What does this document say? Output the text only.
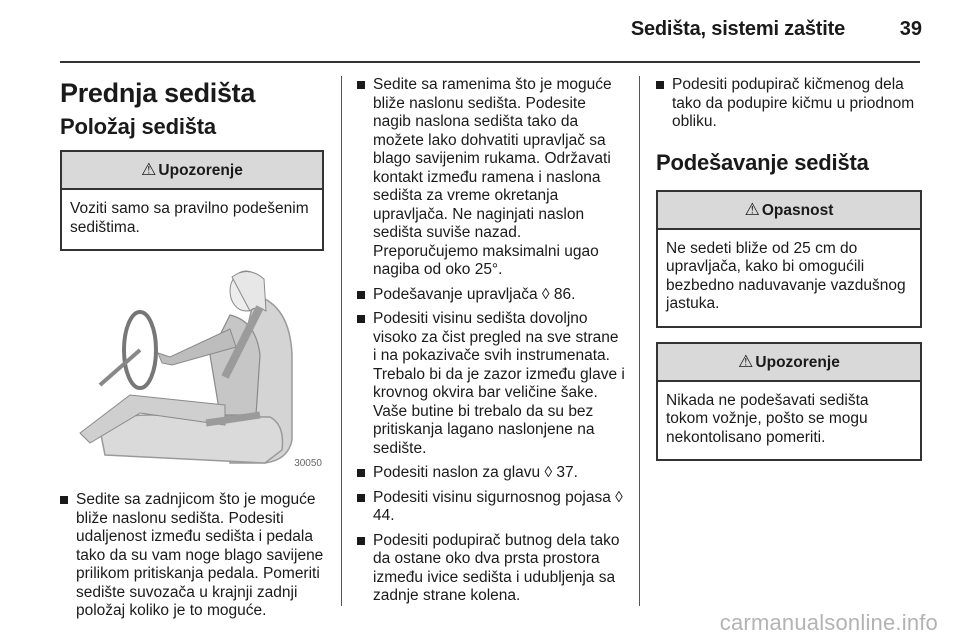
Sedišta, sistemi zaštite	39
Prednja sedišta
Položaj sedišta
⚠ Upozorenje
Voziti samo sa pravilno podešenim sedištima.
30050
Sedite sa zadnjicom što je moguće bliže naslonu sedišta. Podesiti udaljenost između sedišta i pedala tako da su vam noge blago savijene prilikom pritiskanja pedala. Pomeriti sedište suvozača u krajnji zadnji položaj koliko je to moguće.
Sedite sa ramenima što je moguće bliže naslonu sedišta. Podesite nagib naslona sedišta tako da možete lako dohvatiti upravljač sa blago savijenim rukama. Održavati kontakt između ramena i naslona sedišta za vreme okretanja upravljača. Ne naginjati naslon sedišta suviše nazad. Preporučujemo maksimalni ugao nagiba od oko 25°.
Podešavanje upravljača ◊ 86.
Podesiti visinu sedišta dovoljno visoko za čist pregled na sve strane i na pokazivače svih instrumenata. Trebalo bi da je zazor između glave i krovnog okvira bar veličine šake. Vaše butine bi trebalo da su bez pritiskanja lagano naslonjene na sedište.
Podesiti naslon za glavu ◊ 37.
Podesiti visinu sigurnosnog pojasa ◊ 44.
Podesiti podupirač butnog dela tako da ostane oko dva prsta prostora između ivice sedišta i udubljenja sa zadnje strane kolena.
Podesiti podupirač kičmenog dela tako da podupire kičmu u priodnom obliku.
Podešavanje sedišta
⚠ Opasnost
Ne sedeti bliže od 25 cm do upravljača, kako bi omogućili bezbedno naduvavanje vazdušnog jastuka.
⚠ Upozorenje
Nikada ne podešavati sedišta tokom vožnje, pošto se mogu nekontolisano pomeriti.
carmanualsonline.info
